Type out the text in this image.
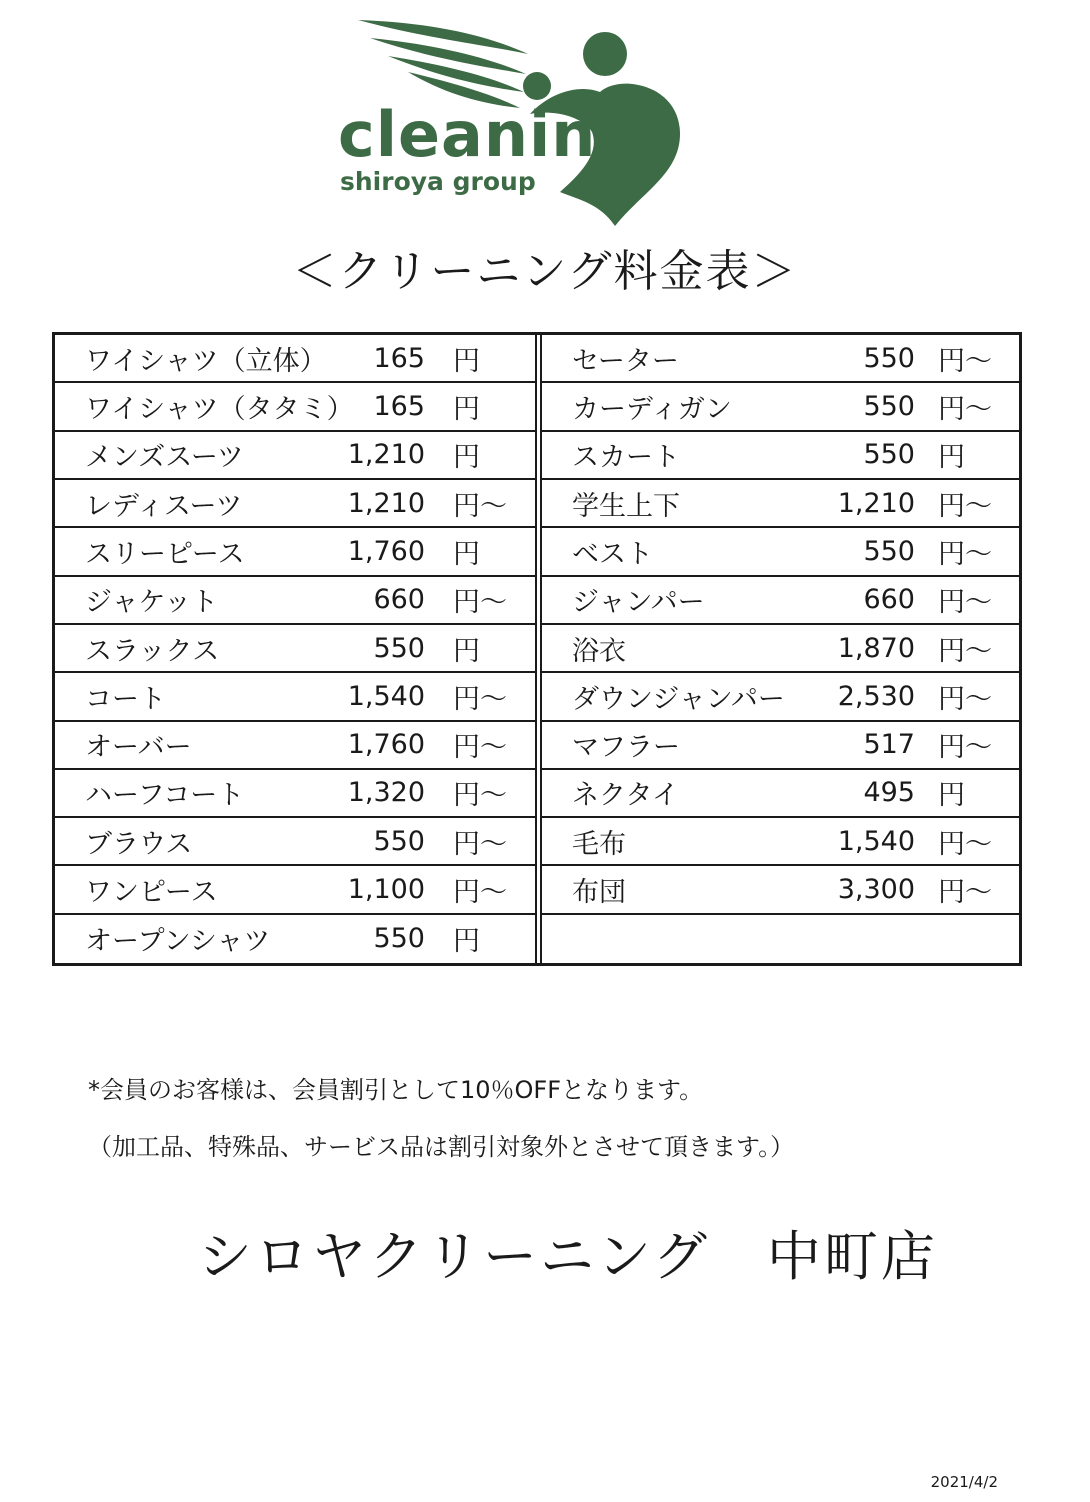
cleaning
shiroya group
＜クリーニング料金表＞
ワイシャツ（立体） 165 円
ワイシャツ（タタミ） 165 円
メンズスーツ	1,210 円
レディスーツ	1,210 円～
スリーピース	1,760 円
ジャケット	660 円～
スラックス	550 円
コート	1,540 円～
オーバー	1,760 円～
ハーフコート	1,320 円～
ブラウス	550 円～
ワンピース	1,100 円～
オープンシャツ	550 円
セーター	550 円～
カーディガン	550 円～
スカート	550 円
学生上下	1,210 円～
ベスト	550 円～
ジャンパー	660 円～
浴衣	1,870 円～
ダウンジャンパー 2,530 円～
マフラー	517 円～
ネクタイ	495 円
毛布	1,540 円～
布団	3,300 円～
*会員のお客様は、会員割引として10％OFFとなります。
（加工品、特殊品、サービス品は割引対象外とさせて頂きます。）
シロヤクリーニング　中町店
2021/4/2
